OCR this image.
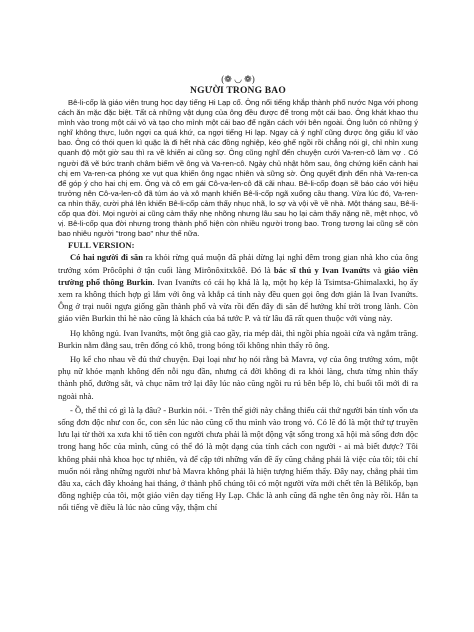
(❁ ◡ ❁)
NGƯỜI TRONG BAO

Bê-li-cốp là giáo viên trung học dạy tiếng Hi Lạp cổ. Ông nổi tiếng khắp thành phố nước Nga với phong cách ăn mặc đặc biệt. Tất cả những vật dụng của ông đều được để trong một cái bao. Ông khát khao thu mình vào trong một cái vỏ và tạo cho mình một cái bao để ngăn cách với bên ngoài. Ông luôn có những ý nghĩ không thực, luôn ngợi ca quá khứ, ca ngợi tiếng Hi lạp. Ngay cả ý nghĩ cũng được ông giấu kĩ vào bao. Ông có thói quen kì quặc là đi hết nhà các đồng nghiệp, kéo ghế ngồi rồi chẳng nói gì, chỉ nhìn xung quanh độ một giờ sau thì ra về khiến ai cũng sợ. Ông cũng nghĩ đến chuyện cưới Va-ren-cô làm vợ . Có người đã vẽ bức tranh châm biếm về ông và Va-ren-cô. Ngày chủ nhật hôm sau, ông chứng kiến cảnh hai chị em Va-ren-ca phóng xe vụt qua khiến ông ngạc nhiên và sững sờ. Ông quyết định đến nhà Va-ren-ca để góp ý cho hai chị em. Ông và cô em gái Cô-va-len-cô đã cãi nhau. Bê-li-cốp đoạn sẽ báo cáo với hiệu trưởng nên Cô-va-len-cô đã túm áo và xô mạnh khiến Bê-li-cốp ngã xuống cầu thang. Vừa lúc đó, Va-ren-ca nhìn thấy, cười phá lên khiến Bê-li-cốp cảm thấy nhục nhã, lo sợ và vội về về nhà. Một tháng sau, Bê-li- cốp qua đời. Mọi người ai cũng cảm thấy nhẹ nhõng nhưng lâu sau họ lại cảm thấy nặng nề, mệt nhọc, vô vị. Bê-li-cốp qua đời nhưng trong thành phố hiện còn nhiều người trong bao. Trong tương lai cũng sẽ còn bao nhiêu người "trong bao" như thế nữa.

FULL VERSION:

Có hai người đi săn ra khỏi rừng quá muộn đã phải dừng lại nghỉ đêm trong gian nhà kho của ông trưởng xóm Prôcôphi ở tận cuối làng Mirônôxitxkôê. Đó là bác sĩ thú y Ivan Ivanứts và giáo viên trường phổ thông Burkin. Ivan Ivanứts có cái họ khá là lạ, một họ kép là Tsimtsa-Ghimalaxki, họ ấy xem ra không thích hợp gì lắm với ông và khắp cả tỉnh này đều quen gọi ông đơn giản là Ivan Ivanứts. Ông ở trại nuôi ngựa giống gần thành phố và vừa rồi đến đây đi săn để hưởng khí trời trong lành. Còn giáo viên Burkin thì hè nào cũng là khách của bá tước P. và từ lâu đã rất quen thuộc với vùng này.

Họ không ngủ. Ivan Ivanứts, một ông già cao gầy, ria mép dài, thì ngồi phía ngoài cửa và ngắm trăng. Burkin nằm đằng sau, trên đống cỏ khô, trong bóng tối không nhìn thấy rõ ông.

Họ kể cho nhau về đủ thứ chuyện. Đại loại như họ nói rằng bà Mavra, vợ của ông trưởng xóm, một phụ nữ khỏe mạnh không đến nỗi ngu đần, nhưng cả đời không đi ra khỏi làng, chưa từng nhìn thấy thành phố, đường sắt, và chục năm trở lại đây lúc nào cũng ngồi ru rú bên bếp lò, chỉ buổi tối mới đi ra ngoài nhà.

- Ồ, thế thì có gì là lạ đâu? - Burkin nói. - Trên thế giới này chẳng thiếu cái thứ người bản tính vốn ưa sống đơn độc như con ốc, con sên lúc nào cũng cố thu mình vào trong vỏ. Có lẽ đó là một thứ tự truyền lưu lại từ thời xa xưa khi tổ tiên con người chưa phải là một động vật sống trong xã hội mà sống đơn độc trong hang hốc của mình, cũng có thể đó là một dạng của tính cách con người - ai mà biết được? Tôi không phải nhà khoa học tự nhiên, và để cập tới những vấn đề ấy cũng chẳng phải là việc của tôi; tôi chỉ muốn nói rằng những người như bà Mavra không phải là hiện tượng hiếm thấy. Đây nay, chẳng phải tìm đâu xa, cách đây khoảng hai tháng, ở thành phố chúng tôi có một người vừa mới chết tên là Bêlikốp, bạn đồng nghiệp của tôi, một giáo viên dạy tiếng Hy Lạp. Chắc là anh cũng đã nghe tên ông này rồi. Hắn ta nổi tiếng về điều là lúc nào cũng vậy, thậm chí
